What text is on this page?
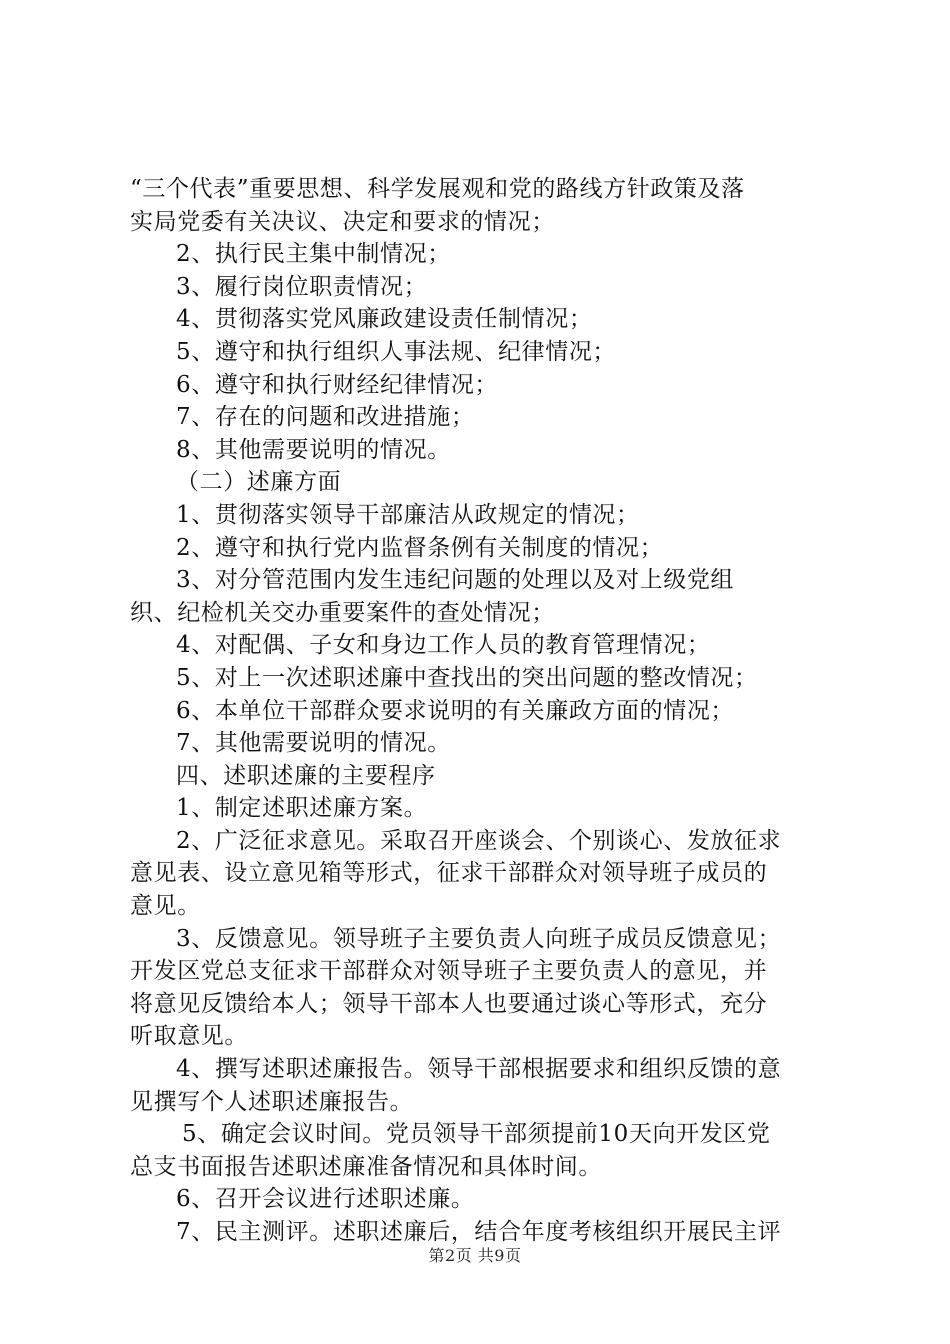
“三个代表”重要思想、科学发展观和党的路线方针政策及落
实局党委有关决议、决定和要求的情况；
2、执行民主集中制情况；
3、履行岗位职责情况；
4、贯彻落实党风廉政建设责任制情况；
5、遵守和执行组织人事法规、纪律情况；
6、遵守和执行财经纪律情况；
7、存在的问题和改进措施；
8、其他需要说明的情况。
（二）述廉方面
1、贯彻落实领导干部廉洁从政规定的情况；
2、遵守和执行党内监督条例有关制度的情况；
3、对分管范围内发生违纪问题的处理以及对上级党组
织、纪检机关交办重要案件的查处情况；
4、对配偶、子女和身边工作人员的教育管理情况；
5、对上一次述职述廉中查找出的突出问题的整改情况；
6、本单位干部群众要求说明的有关廉政方面的情况；
7、其他需要说明的情况。
四、述职述廉的主要程序
1、制定述职述廉方案。
2、广泛征求意见。采取召开座谈会、个别谈心、发放征求
意见表、设立意见箱等形式，征求干部群众对领导班子成员的
意见。
3、反馈意见。领导班子主要负责人向班子成员反馈意见；
开发区党总支征求干部群众对领导班子主要负责人的意见，并
将意见反馈给本人；领导干部本人也要通过谈心等形式，充分
听取意见。
4、撰写述职述廉报告。领导干部根据要求和组织反馈的意
见撰写个人述职述廉报告。
5、确定会议时间。党员领导干部须提前10天向开发区党
总支书面报告述职述廉准备情况和具体时间。
6、召开会议进行述职述廉。
7、民主测评。述职述廉后，结合年度考核组织开展民主评
第2页 共9页
